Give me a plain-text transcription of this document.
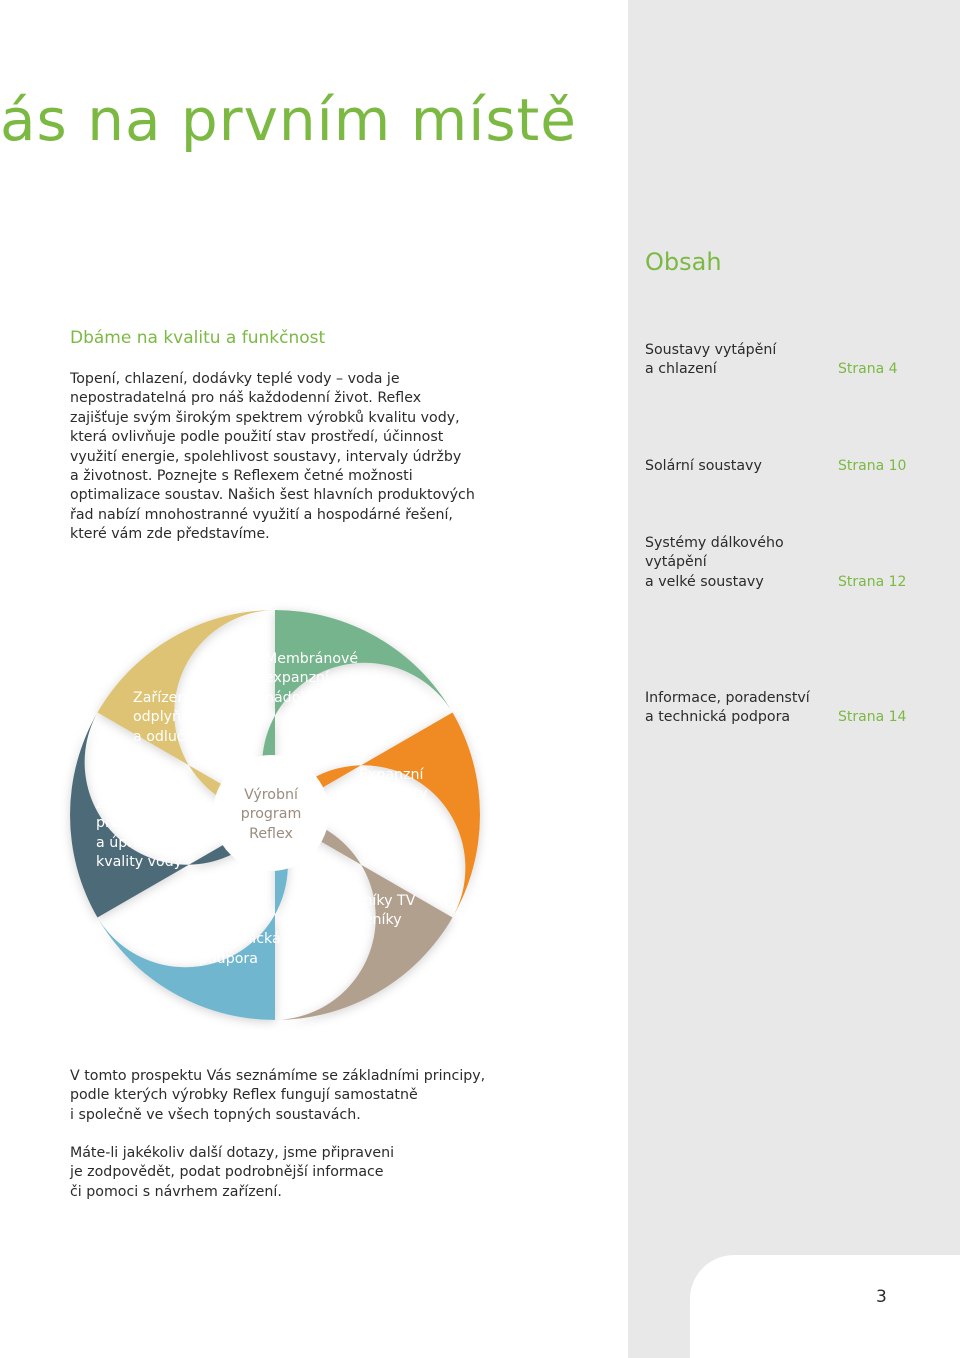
3
ás na prvním místě
Dbáme na kvalitu a funkčnost
Topení, chlazení, dodávky teplé vody – voda je
nepostradatelná pro náš každodenní život. Reflex
zajišťuje svým širokým spektrem výrobků kvalitu vody,
která ovlivňuje podle použití stav prostředí, účinnost
využití energie, spolehlivost soustavy, intervaly údržby
a životnost. Poznejte s Reflexem četné možnosti
optimalizace soustav. Našich šest hlavních produktových
řad nabízí mnohostranné využití a hospodárné řešení,
které vám zde představíme.
Obsah
Soustavy vytápění
a chlazení	Strana 4
Solární soustavy	Strana 10
Systémy dálkového
vytápění
a velké soustavy	Strana 12
Informace, poradenství
a technická podpora	Strana 14
Membránové
expanzní
nádoby
Expanzní
automaty
Zásobníky TV
a výměníky
tepla
Služby
a technická
podpora
Zařízení
pro doplňování
a úpravu
kvality vody
Zařízení pro
odplyňování
a odlučovače
Výrobní
program
Reflex
V tomto prospektu Vás seznámíme se základními principy,
podle kterých výrobky Reflex fungují samostatně
i společně ve všech topných soustavách.
Máte-li jakékoliv další dotazy, jsme připraveni
je zodpovědět, podat podrobnější informace
či pomoci s návrhem zařízení.
